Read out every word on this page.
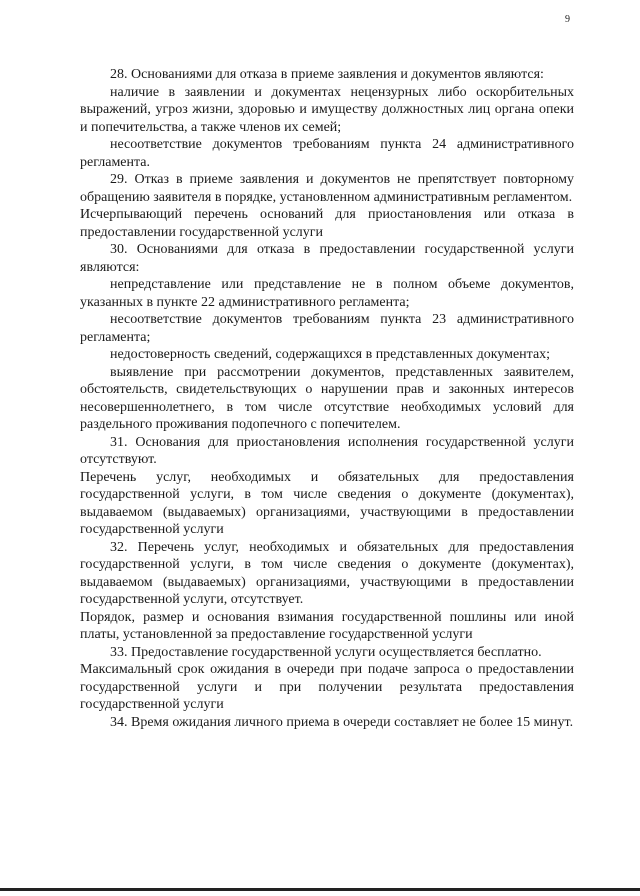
9

28. Основаниями для отказа в приеме заявления и документов являются:

наличие в заявлении и документах нецензурных либо оскорбительных выражений, угроз жизни, здоровью и имуществу должностных лиц органа опеки и попечительства, а также членов их семей;

несоответствие документов требованиям пункта 24 административного регламента.

29. Отказ в приеме заявления и документов не препятствует повторному обращению заявителя в порядке, установленном административным регламентом.

Исчерпывающий перечень оснований для приостановления или отказа в предоставлении государственной услуги

30. Основаниями для отказа в предоставлении государственной услуги являются:

непредставление или представление не в полном объеме документов, указанных в пункте 22 административного регламента;

несоответствие документов требованиям пункта 23 административного регламента;

недостоверность сведений, содержащихся в представленных документах;

выявление при рассмотрении документов, представленных заявителем, обстоятельств, свидетельствующих о нарушении прав и законных интересов несовершеннолетнего, в том числе отсутствие необходимых условий для раздельного проживания подопечного с попечителем.

31. Основания для приостановления исполнения государственной услуги отсутствуют.

Перечень услуг, необходимых и обязательных для предоставления государственной услуги, в том числе сведения о документе (документах), выдаваемом (выдаваемых) организациями, участвующими в предоставлении государственной услуги

32. Перечень услуг, необходимых и обязательных для предоставления государственной услуги, в том числе сведения о документе (документах), выдаваемом (выдаваемых) организациями, участвующими в предоставлении государственной услуги, отсутствует.

Порядок, размер и основания взимания государственной пошлины или иной платы, установленной за предоставление государственной услуги

33. Предоставление государственной услуги осуществляется бесплатно.

Максимальный срок ожидания в очереди при подаче запроса о предоставлении государственной услуги и при получении результата предоставления государственной услуги

34. Время ожидания личного приема в очереди составляет не более 15 минут.
